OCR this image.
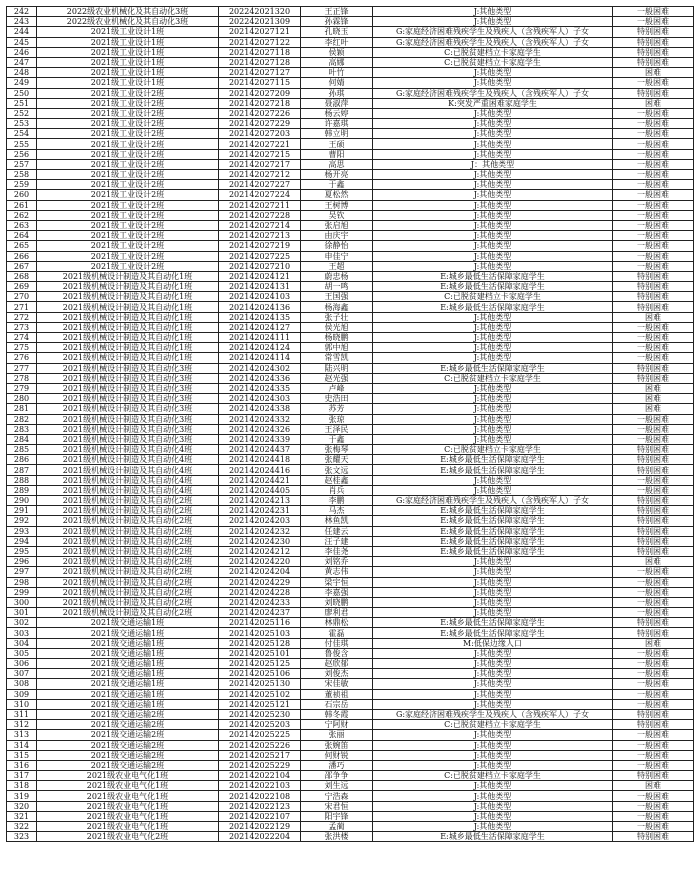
242	2022级农业机械化及其自动化3班	202242021320	王正锋	J:其他类型	一般困难
243	2022级农业机械化及其自动化3班	202242021309	孙霖锋	J:其他类型	一般困难
244	2021级工业设计1班	202142027121	孔晓玉	G:家庭经济困难残疾学生及残疾人（含残疾军人）子女	特别困难
245	2021级工业设计1班	202142027122	李红叶	G:家庭经济困难残疾学生及残疾人（含残疾军人）子女	特别困难
246	2021级工业设计1班	202142027118	侯颖	C:已脱贫建档立卡家庭学生	特别困难
247	2021级工业设计1班	202142027128	高娜	C:已脱贫建档立卡家庭学生	特别困难
248	2021级工业设计1班	202142027127	叶竹	J:其他类型	困难
249	2021级工业设计1班	202142027115	何婧	J:其他类型	一般困难
250	2021级工业设计2班	202142027209	孙琪	G:家庭经济困难残疾学生及残疾人（含残疾军人）子女	特别困难
251	2021级工业设计2班	202142027218	聂淑萍	K:突发严重困难家庭学生	困难
252	2021级工业设计2班	202142027226	杨云婷	J:其他类型	一般困难
253	2021级工业设计2班	202142027229	许嘉琪	J:其他类型	一般困难
254	2021级工业设计2班	202142027203	韩立明	J:其他类型	一般困难
255	2021级工业设计2班	202142027221	王硕	J:其他类型	一般困难
256	2021级工业设计2班	202142027215	曹阳	J:其他类型	一般困难
257	2021级工业设计2班	202142027217	高思	J：其他类型	一般困难
258	2021级工业设计2班	202142027212	杨开亮	J:其他类型	一般困难
259	2021级工业设计2班	202142027227	于鑫	J:其他类型	一般困难
260	2021级工业设计2班	202142027224	夏松然	J:其他类型	一般困难
261	2021级工业设计2班	202142027211	王树博	J:其他类型	一般困难
262	2021级工业设计2班	202142027228	吴钦	J:其他类型	一般困难
263	2021级工业设计2班	202142027214	张启旭	J:其他类型	一般困难
264	2021级工业设计2班	202142027213	由庆宇	J:其他类型	一般困难
265	2021级工业设计2班	202142027219	徐静怡	J:其他类型	一般困难
266	2021级工业设计2班	202142027225	申佳宁	J:其他类型	一般困难
267	2021级工业设计2班	202142027210	王超	J:其他类型	一般困难
268	2021级机械设计制造及其自动化1班	202142024121	蔚忠杨	E:城乡最低生活保障家庭学生	特别困难
269	2021级机械设计制造及其自动化1班	202142024131	胡一鸣	E:城乡最低生活保障家庭学生	特别困难
270	2021级机械设计制造及其自动化1班	202142024103	王国强	C:已脱贫建档立卡家庭学生	特别困难
271	2021级机械设计制造及其自动化1班	202142024136	杨海鑫	E:城乡最低生活保障家庭学生	特别困难
272	2021级机械设计制造及其自动化1班	202142024135	张子壮	J:其他类型	困难
273	2021级机械设计制造及其自动化1班	202142024127	侯光旭	J:其他类型	一般困难
274	2021级机械设计制造及其自动化1班	202142024111	杨晓鹏	J:其他类型	一般困难
275	2021级机械设计制造及其自动化1班	202142024124	郭中旭	J:其他类型	一般困难
276	2021级机械设计制造及其自动化1班	202142024114	常雪凯	J:其他类型	一般困难
277	2021级机械设计制造及其自动化3班	202142024302	陆兴明	E:城乡最低生活保障家庭学生	特别困难
278	2021级机械设计制造及其自动化3班	202142024336	赵光强	C:已脱贫建档立卡家庭学生	特别困难
279	2021级机械设计制造及其自动化3班	202142024335	卢峰	J:其他类型	困难
280	2021级机械设计制造及其自动化3班	202142024303	史浩田	J:其他类型	困难
281	2021级机械设计制造及其自动化3班	202142024338	苏芳	J:其他类型	困难
282	2021级机械设计制造及其自动化3班	202142024332	张琼	J:其他类型	一般困难
283	2021级机械设计制造及其自动化3班	202142024326	王泽民	J:其他类型	一般困难
284	2021级机械设计制造及其自动化3班	202142024339	于鑫	J:其他类型	一般困难
285	2021级机械设计制造及其自动化4班	202142024437	张梅琴	C:已脱贫建档立卡家庭学生	特别困难
286	2021级机械设计制造及其自动化4班	202142024418	张耀天	E:城乡最低生活保障家庭学生	特别困难
287	2021级机械设计制造及其自动化4班	202142024416	张文远	E:城乡最低生活保障家庭学生	特别困难
288	2021级机械设计制造及其自动化4班	202142024421	赵桂鑫	J:其他类型	一般困难
289	2021级机械设计制造及其自动化4班	202142024405	肖兵	J:其他类型	一般困难
290	2021级机械设计制造及其自动化2班	202142024213	李鹏	G:家庭经济困难残疾学生及残疾人（含残疾军人）子女	特别困难
291	2021级机械设计制造及其自动化2班	202142024231	马杰	E:城乡最低生活保障家庭学生	特别困难
292	2021级机械设计制造及其自动化2班	202142024203	林鱼凯	E:城乡最低生活保障家庭学生	特别困难
293	2021级机械设计制造及其自动化2班	202142024232	任建云	E:城乡最低生活保障家庭学生	特别困难
294	2021级机械设计制造及其自动化2班	202142024230	汪子建	E:城乡最低生活保障家庭学生	特别困难
295	2021级机械设计制造及其自动化2班	202142024212	李佳尧	E:城乡最低生活保障家庭学生	特别困难
296	2021级机械设计制造及其自动化2班	202142024220	刘铭乔	J:其他类型	困难
297	2021级机械设计制造及其自动化2班	202142024204	黄志伟	J:其他类型	一般困难
298	2021级机械设计制造及其自动化2班	202142024229	梁宇恒	J:其他类型	一般困难
299	2021级机械设计制造及其自动化2班	202142024228	李嘉强	J:其他类型	一般困难
300	2021级机械设计制造及其自动化2班	202142024233	刘晓鹏	J:其他类型	一般困难
301	2021级机械设计制造及其自动化2班	202142024237	廖利君	J:其他类型	一般困难
302	2021级交通运输1班	202142025116	林鼎松	E:城乡最低生活保障家庭学生	特别困难
303	2021级交通运输1班	202142025103	霍磊	E:城乡最低生活保障家庭学生	特别困难
304	2021级交通运输1班	202142025128	付佳琪	M:低保边缘人口	困难
305	2021级交通运输1班	202142025101	鲁俊含	J:其他类型	一般困难
306	2021级交通运输1班	202142025125	赵欣郁	J:其他类型	一般困难
307	2021级交通运输1班	202142025106	刘俊杰	J:其他类型	一般困难
308	2021级交通运输1班	202142025130	宋佳敏	J:其他类型	一般困难
309	2021级交通运输1班	202142025102	董祯祖	J:其他类型	一般困难
310	2021级交通运输1班	202142025121	石宗岳	J:其他类型	一般困难
311	2021级交通运输2班	202142025230	韩冬霞	G:家庭经济困难残疾学生及残疾人（含残疾军人）子女	特别困难
312	2021级交通运输2班	202142025203	宁阿财	C:已脱贫建档立卡家庭学生	特别困难
313	2021级交通运输2班	202142025225	张丽	J:其他类型	一般困难
314	2021级交通运输2班	202142025226	张婉笛	J:其他类型	一般困难
315	2021级交通运输2班	202142025217	何财锐	J:其他类型	一般困难
316	2021级交通运输2班	202142025229	潘巧	J:其他类型	一般困难
317	2021级农业电气化1班	202142022104	邵争争	C:已脱贫建档立卡家庭学生	特别困难
318	2021级农业电气化1班	202142022103	刘生远	J:其他类型	困难
319	2021级农业电气化1班	202142022108	宁浩森	J:其他类型	一般困难
320	2021级农业电气化1班	202142022123	宋君恒	J:其他类型	一般困难
321	2021级农业电气化1班	202142022107	阳宇锋	J:其他类型	一般困难
322	2021级农业电气化1班	202142022129	孟蔺	J:其他类型	一般困难
323	2021级农业电气化2班	202142022204	张洪楼	E:城乡最低生活保障家庭学生	特别困难
